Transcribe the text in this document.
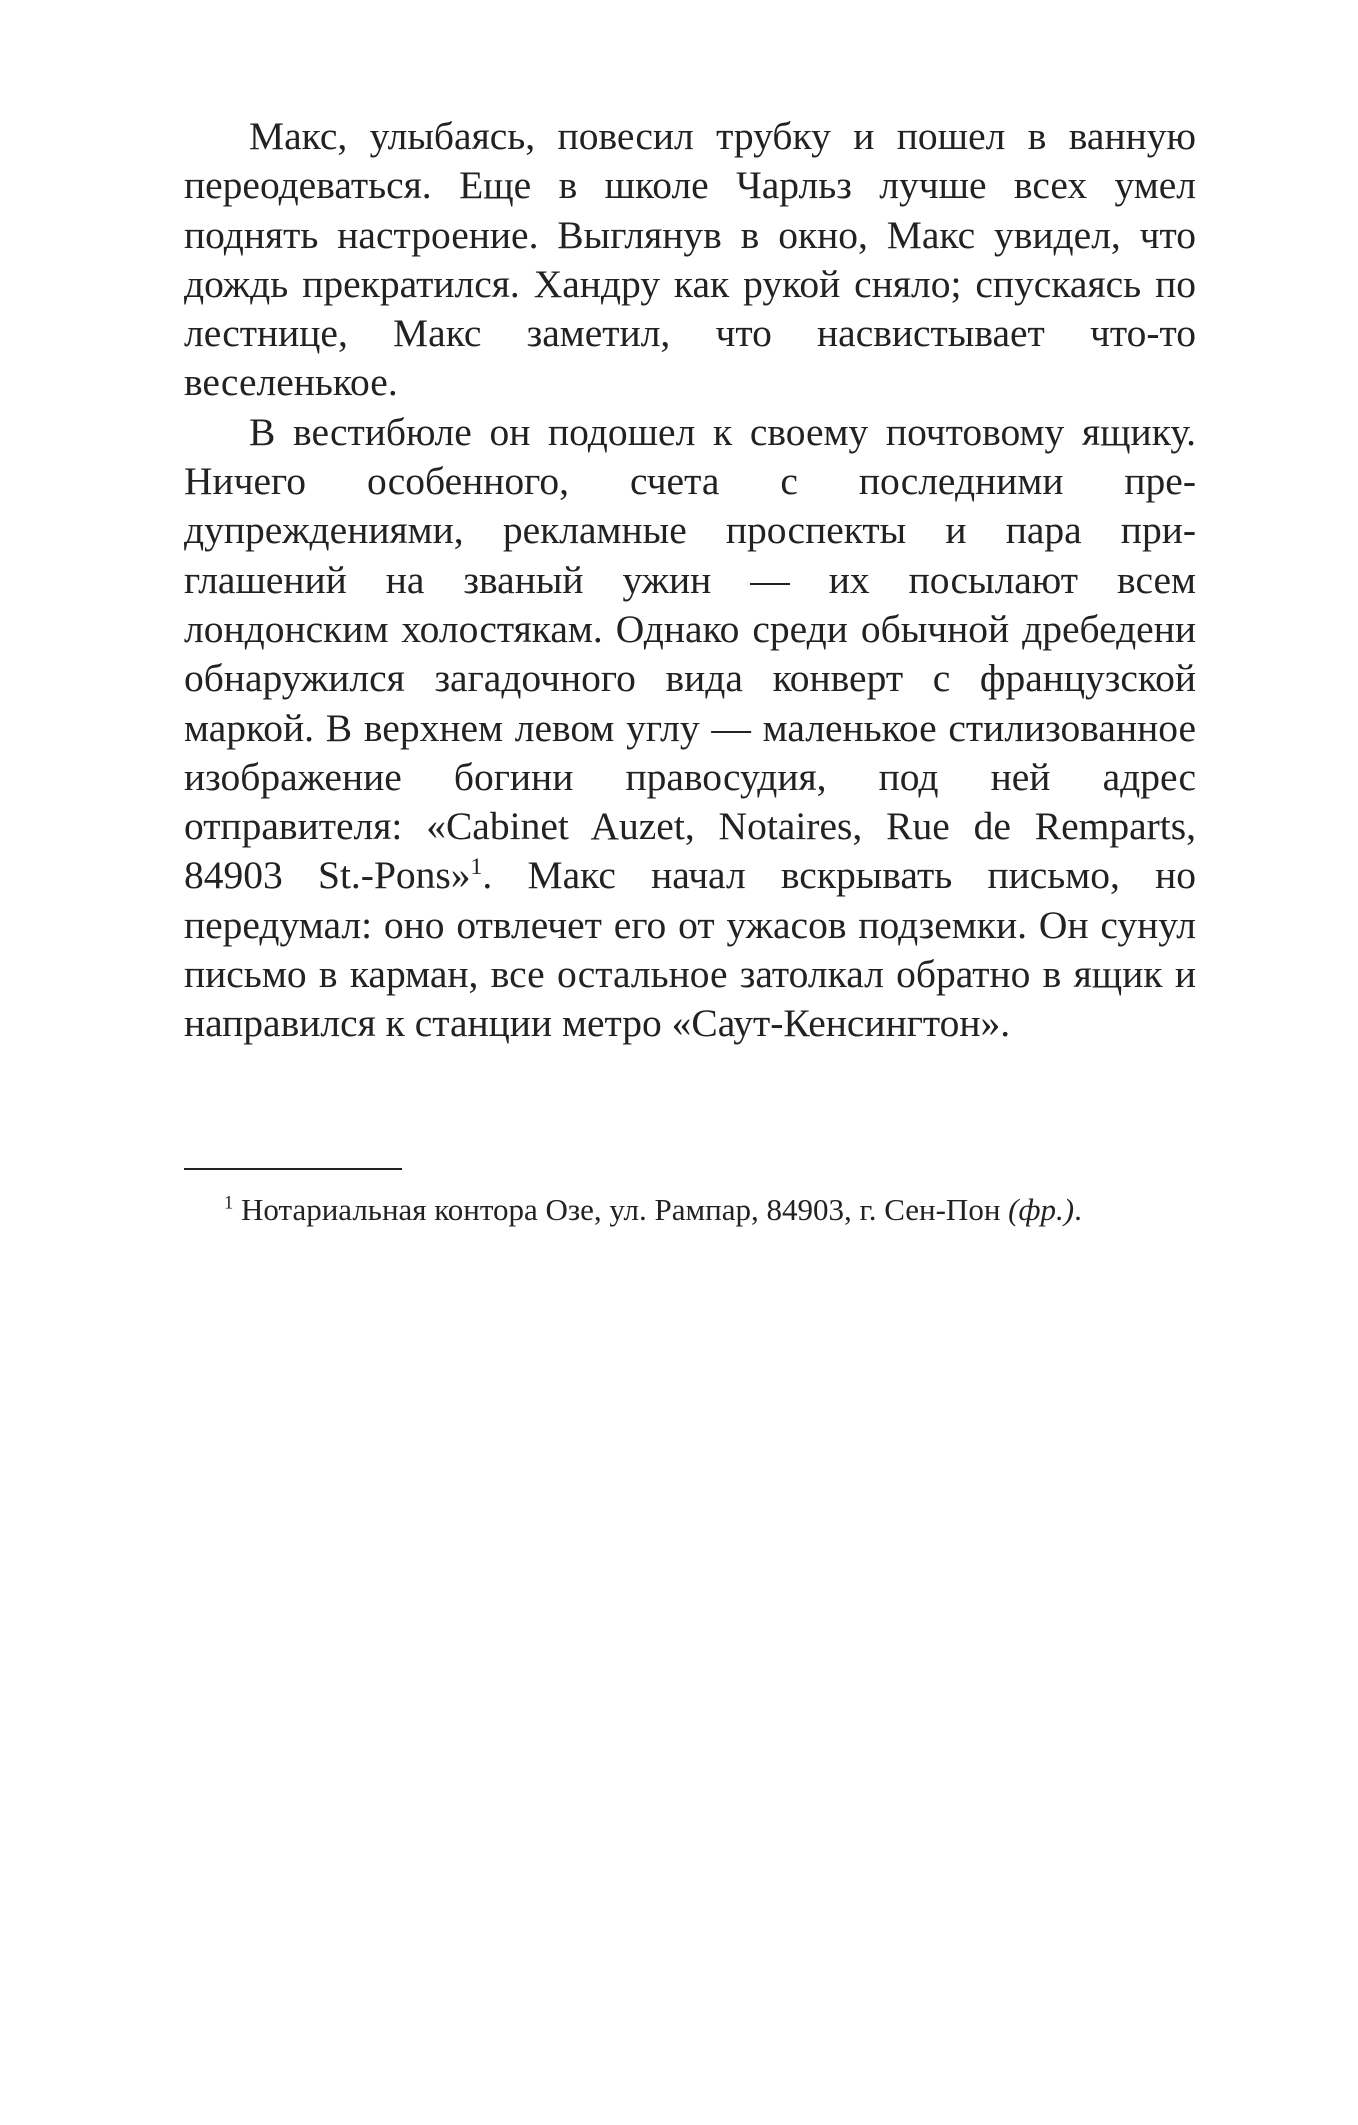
Макс, улыбаясь, повесил трубку и пошел в ванную переодеваться. Еще в школе Чарльз лучше всех умел поднять настроение. Выглянув в окно, Макс увидел, что дождь прекратился. Хандру как рукой сняло; спускаясь по лестнице, Макс заметил, что насвистывает что-то веселенькое.

В вестибюле он подошел к своему почтовому ящику. Ничего особенного, счета с последними предупреждениями, рекламные проспекты и пара приглашений на званый ужин — их посылают всем лондонским холостякам. Однако среди обычной дребедени обнаружился загадочного вида конверт с французской маркой. В верхнем левом углу — маленькое стилизованное изображение богини правосудия, под ней адрес отправителя: «Cabinet Auzet, Notaires, Rue de Remparts, 84903 St.-Pons»$^1$. Макс начал вскрывать письмо, но передумал: оно отвлечет его от ужасов подземки. Он сунул письмо в карман, все остальное затолкал обратно в ящик и направился к станции метро «Саут-Кенсингтон».

$^1$ Нотариальная контора Озе, ул. Рампар, 84903, г. Сен-Пон (фр.).
